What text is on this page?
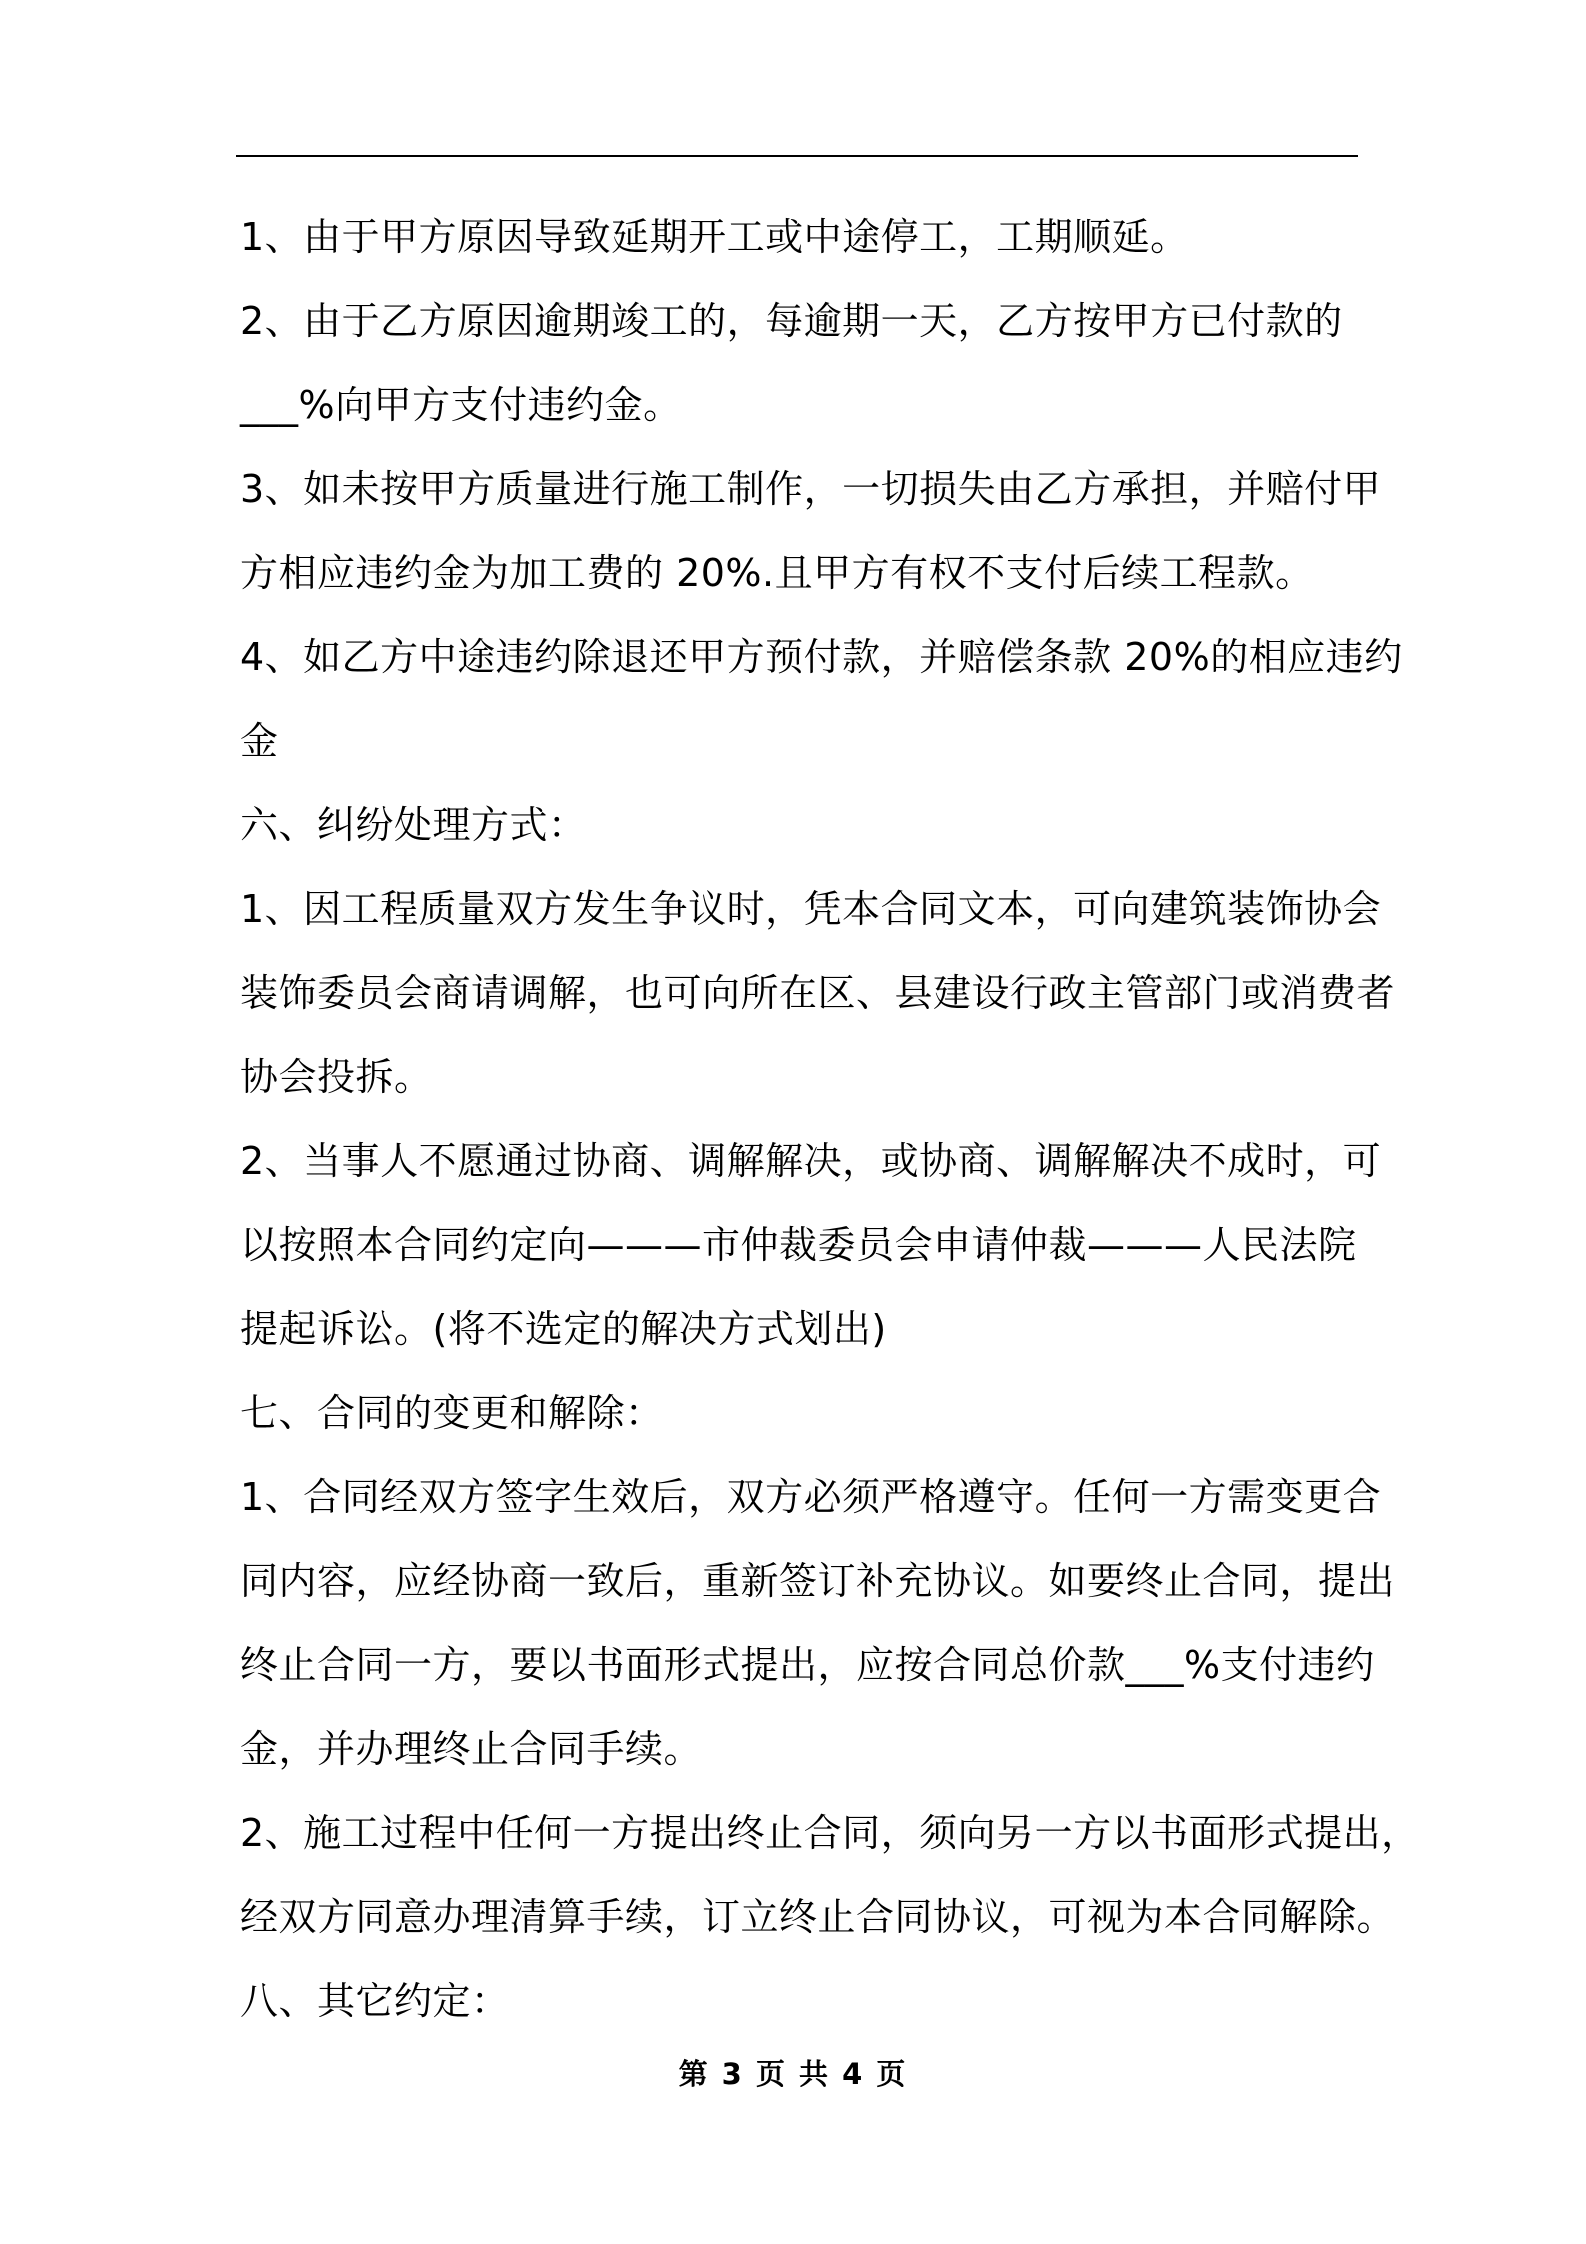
1、由于甲方原因导致延期开工或中途停工，工期顺延。
2、由于乙方原因逾期竣工的，每逾期一天，乙方按甲方已付款的
___%向甲方支付违约金。
3、如未按甲方质量进行施工制作，一切损失由乙方承担，并赔付甲
方相应违约金为加工费的 20%.且甲方有权不支付后续工程款。
4、如乙方中途违约除退还甲方预付款，并赔偿条款 20%的相应违约
金
六、纠纷处理方式：
1、因工程质量双方发生争议时，凭本合同文本，可向建筑装饰协会
装饰委员会商请调解，也可向所在区、县建设行政主管部门或消费者
协会投拆。
2、当事人不愿通过协商、调解解决，或协商、调解解决不成时，可
以按照本合同约定向———市仲裁委员会申请仲裁———人民法院
提起诉讼。(将不选定的解决方式划出)
七、合同的变更和解除：
1、合同经双方签字生效后，双方必须严格遵守。任何一方需变更合
同内容，应经协商一致后，重新签订补充协议。如要终止合同，提出
终止合同一方，要以书面形式提出，应按合同总价款___%支付违约
金，并办理终止合同手续。
2、施工过程中任何一方提出终止合同，须向另一方以书面形式提出，
经双方同意办理清算手续，订立终止合同协议，可视为本合同解除。
八、其它约定：
第 3 页 共 4 页
